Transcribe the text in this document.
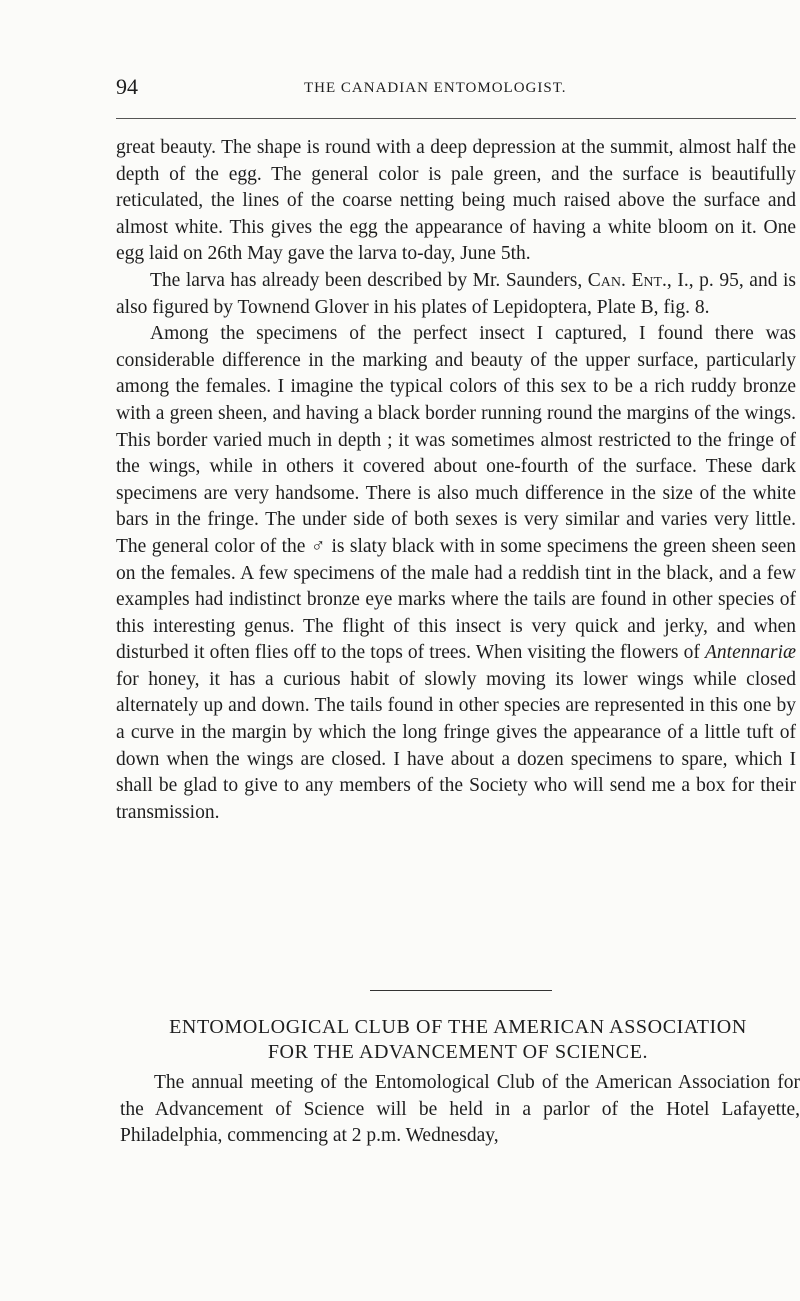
94	THE CANADIAN ENTOMOLOGIST.

great beauty. The shape is round with a deep depression at the summit, almost half the depth of the egg. The general color is pale green, and the surface is beautifully reticulated, the lines of the coarse netting being much raised above the surface and almost white. This gives the egg the appearance of having a white bloom on it. One egg laid on 26th May gave the larva to-day, June 5th.

The larva has already been described by Mr. Saunders, Can. Ent., I., p. 95, and is also figured by Townend Glover in his plates of Lepidoptera, Plate B, fig. 8.

Among the specimens of the perfect insect I captured, I found there was considerable difference in the marking and beauty of the upper surface, particularly among the females. I imagine the typical colors of this sex to be a rich ruddy bronze with a green sheen, and having a black border running round the margins of the wings. This border varied much in depth ; it was sometimes almost restricted to the fringe of the wings, while in others it covered about one-fourth of the surface. These dark specimens are very handsome. There is also much difference in the size of the white bars in the fringe. The under side of both sexes is very similar and varies very little. The general color of the ♂ is slaty black with in some specimens the green sheen seen on the females. A few specimens of the male had a reddish tint in the black, and a few examples had indistinct bronze eye marks where the tails are found in other species of this interesting genus. The flight of this insect is very quick and jerky, and when disturbed it often flies off to the tops of trees. When visiting the flowers of Antennariæ for honey, it has a curious habit of slowly moving its lower wings while closed alternately up and down. The tails found in other species are represented in this one by a curve in the margin by which the long fringe gives the appearance of a little tuft of down when the wings are closed. I have about a dozen specimens to spare, which I shall be glad to give to any members of the Society who will send me a box for their transmission.

ENTOMOLOGICAL CLUB OF THE AMERICAN ASSOCIATION
FOR THE ADVANCEMENT OF SCIENCE.

The annual meeting of the Entomological Club of the American Association for the Advancement of Science will be held in a parlor of the Hotel Lafayette, Philadelphia, commencing at 2 p.m. Wednesday,
